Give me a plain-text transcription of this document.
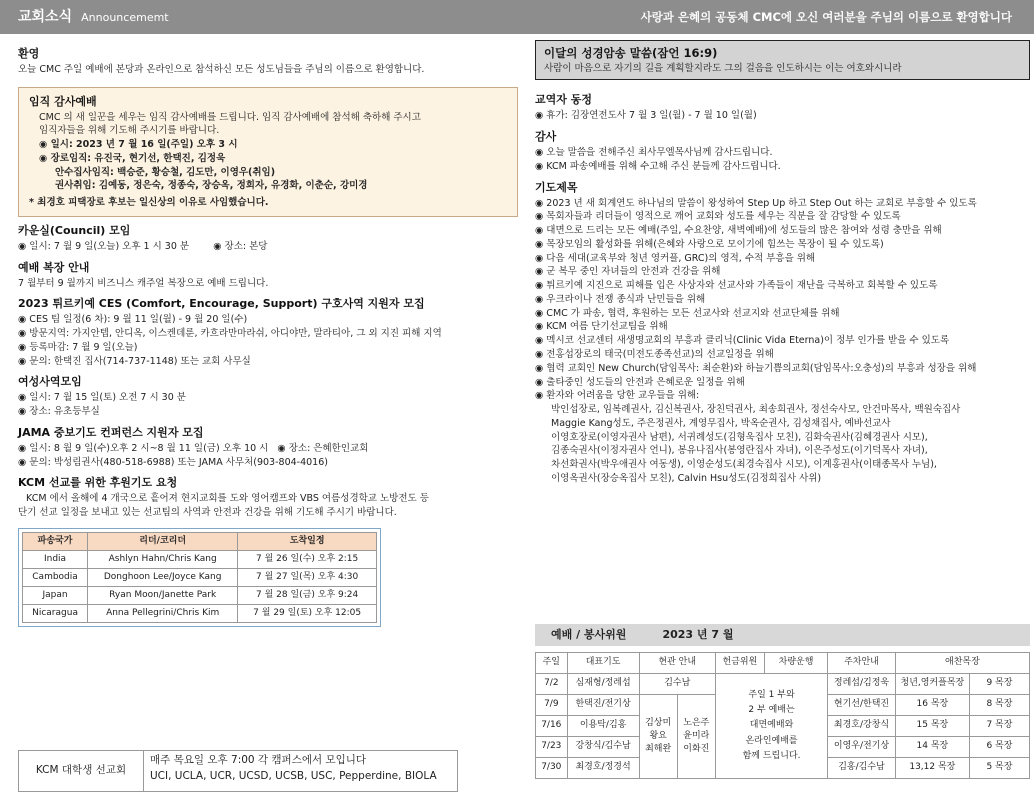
교회소식 Announcememt	사랑과 은혜의 공동체 CMC에 오신 여러분을 주님의 이름으로 환영합니다
환영

오늘 CMC 주일 예배에 본당과 온라인으로 참석하신 모든 성도님들을 주님의 이름으로 환영합니다.

임직 감사예배

CMC 의 새 일꾼을 세우는 임직 감사예배를 드립니다. 임직 감사예배에 참석해 축하해 주시고

임직자들을 위해 기도해 주시기를 바랍니다.

◉ 일시: 2023 년 7 월 16 일(주일) 오후 3 시

◉ 장로임직: 유진국, 현기선, 한택진, 김정욱

안수집사임직: 백승준, 황승철, 김도만, 이영우(취임)

권사취임: 김예동, 정은숙, 정종숙, 장승옥, 정희자, 유경화, 이춘순, 강미경

* 최경호 피택장로 후보는 일신상의 이유로 사임했습니다.

카운실(Council) 모임

◉ 일시: 7 월 9 일(오늘) 오후 1 시 30 분        ◉ 장소: 본당

예배 복장 안내

7 월부터 9 월까지 비즈니스 캐주얼 복장으로 예배 드립니다.

2023 튀르키예 CES (Comfort, Encourage, Support) 구호사역 지원자 모집

◉ CES 팀 일정(6 차): 9 월 11 일(월) - 9 월 20 일(수)

◉ 방문지역: 가지안텝, 안디옥, 이스켄데룬, 카흐라만마라쉬, 아디야만, 말라티아, 그 외 지진 피해 지역

◉ 등록마감: 7 월 9 일(오늘)

◉ 문의: 한택진 집사(714-737-1148) 또는 교회 사무실

여성사역모임

◉ 일시: 7 월 15 일(토) 오전 7 시 30 분

◉ 장소: 유초등부실

JAMA 중보기도 컨퍼런스 지원자 모집

◉ 일시: 8 월 9 일(수)오후 2 시~8 월 11 일(금) 오후 10 시   ◉ 장소: 은혜한인교회

◉ 문의: 박성림권사(480-518-6988) 또는 JAMA 사무처(903-804-4016)

KCM 선교를 위한 후원기도 요청

KCM 에서 올해에 4 개국으로 흩어져 현지교회를 도와 영어캠프와 VBS 여름성경학교 노방전도 등

단기 선교 일정을 보내고 있는 선교팀의 사역과 안전과 건강을 위해 기도해 주시기 바랍니다.

파송국가	리더/코리더	도착일정
India	Ashlyn Hahn/Chris Kang	7 월 26 일(수) 오후 2:15
Cambodia	Donghoon Lee/Joyce Kang	7 월 27 일(목) 오후 4:30
Japan	Ryan Moon/Janette Park	7 월 28 일(금) 오후 9:24
Nicaragua	Anna Pellegrini/Chris Kim	7 월 29 일(토) 오후 12:05
KCM 대학생 선교회
매주 목요일 오후 7:00 각 캠퍼스에서 모입니다
UCI, UCLA, UCR, UCSD, UCSB, USC, Pepperdine, BIOLA
이달의 성경암송 말씀(잠언 16:9)

사람이 마음으로 자기의 길을 계획할지라도 그의 걸음을 인도하시는 이는 여호와시니라

교역자 동정

◉ 휴가: 김장연전도사 7 월 3 일(월) - 7 월 10 일(월)

감사

◉ 오늘 말씀을 전해주신 최사무엘목사님께 감사드립니다.

◉ KCM 파송예배를 위해 수고해 주신 분들께 감사드립니다.

기도제목

◉ 2023 년 새 회계연도 하나님의 말씀이 왕성하여 Step Up 하고 Step Out 하는 교회로 부흥할 수 있도록

◉ 목회자들과 리더들이 영적으로 깨어 교회와 성도를 세우는 직분을 잘 감당할 수 있도록

◉ 대면으로 드리는 모든 예배(주일, 수요찬양, 새벽예배)에 성도들의 많은 참여와 성령 충만을 위해

◉ 목장모임의 활성화를 위해(은혜와 사랑으로 모이기에 힘쓰는 목장이 될 수 있도록)

◉ 다음 세대(교육부와 청년 영커플, GRC)의 영적, 수적 부흥을 위해

◉ 군 복무 중인 자녀들의 안전과 건강을 위해

◉ 튀르키예 지진으로 피해를 입은 사상자와 선교사와 가족들이 재난을 극복하고 회복할 수 있도록

◉ 우크라이나 전쟁 종식과 난민들을 위해

◉ CMC 가 파송, 협력, 후원하는 모든 선교사와 선교지와 선교단체를 위해

◉ KCM 여름 단기선교팀을 위해

◉ 멕시코 선교센터 새생명교회의 부흥과 클리닉(Clinic Vida Eterna)이 정부 인가를 받을 수 있도록

◉ 전홍섭장로의 태국(미전도종족선교)의 선교일정을 위해

◉ 협력 교회인 New Church(담임목사: 최순환)와 하늘기쁨의교회(담임목사:오충성)의 부흥과 성장을 위해

◉ 출타중인 성도들의 안전과 은혜로운 일정을 위해

◉ 환자와 어려움을 당한 교우들을 위해:

박인섭장로, 임복례권사, 김신복권사, 장친덕권사, 최송희권사, 정선숙사모, 안건마목사, 백원숙집사

Maggie Kang성도, 주은정권사, 계영무집사, 박옥순권사, 김성채집사, 예바선교사

이영호장로(이영자권사 남편), 서귀례성도(김형욱집사 모친), 김화숙권사(김혜경권사 시모),

김종숙권사(이정자권사 언니), 봉유나집사(봉영란집사 자녀), 이은주성도(이기덕목사 자녀),

차선화권사(박우애권사 여동생), 이영순성도(최경숙집사 시모), 이계홍권사(이태종목사 누님),

이영옥권사(장승옥집사 모친), Calvin Hsu성도(김정희집사 사위)

예배 / 봉사위원	2023 년 7 월
주일	대표기도	현관 안내		헌금위원	차량운행	주차안내	애찬목장	
7/2	심재형/정레섭	김수남		주일 1 부와
2 부 예배는
대면예배와
온라인예배를
함께 드립니다.		정레섭/김정욱	청년,영커플목장	9 목장
7/9	한택진/전기상	김상미
왕요
최해완	노은주
윤미라
이화진			현기선/한택진	16 목장	8 목장
7/16	이용탁/김홍					최경호/강창식	15 목장	7 목장
7/23	강창식/김수남					이영우/전기상	14 목장	6 목장
7/30	최경호/정경석					김홍/김수남	13,12 목장	5 목장
